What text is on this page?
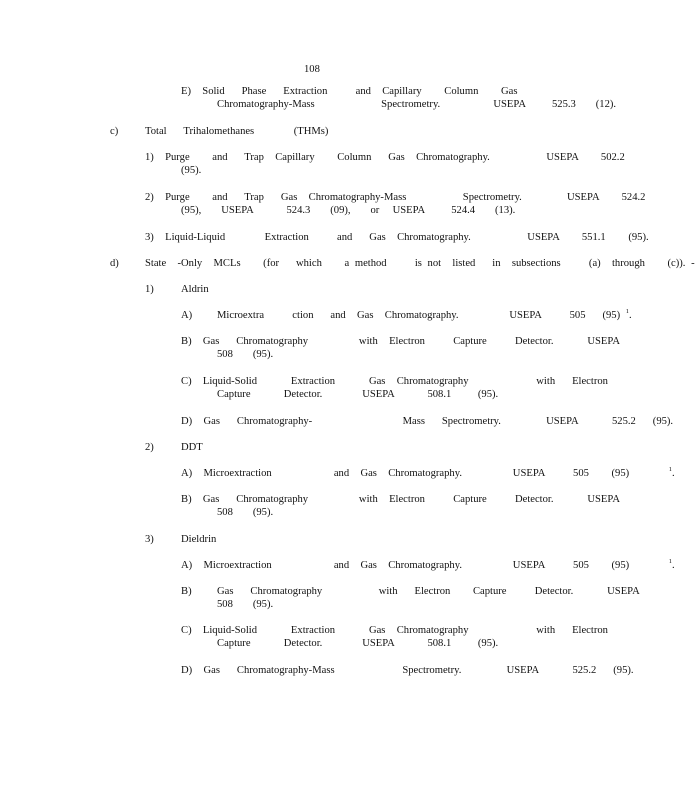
108
E)  Solid   Phase   Extraction     and  Capillary    Column    Gas
Chromatography-Mass          Spectrometry.        USEPA    525.3   (12).
c)	Total   Trihalomethanes       (THMs)
1)  Purge    and   Trap  Capillary    Column   Gas  Chromatography.          USEPA    502.2
(95).
2)  Purge    and   Trap   Gas  Chromatography-Mass          Spectrometry.        USEPA    524.2
(95),   USEPA     524.3   (09),   or  USEPA    524.4   (13).
3)  Liquid-Liquid       Extraction     and   Gas  Chromatography.          USEPA    551.1    (95).
d) State  -Only  MCLs    (for   which    a method     is not  listed   in  subsections     (a)  through    (c)). -
1)	Aldrin
A) Microextra     ction   and  Gas  Chromatography.         USEPA     505   (95) $^1$.
B)  Gas   Chromatography         with  Electron     Capture     Detector.      USEPA
508   (95).
C)  Liquid-Solid      Extraction      Gas  Chromatography            with   Electron
Capture     Detector.      USEPA     508.1    (95).
D)  Gas   Chromatography-                Mass   Spectrometry.        USEPA      525.2   (95).
2)	DDT
A)  Microextraction           and  Gas  Chromatography.         USEPA     505    (95)	$^1$.
B)  Gas   Chromatography         with  Electron     Capture     Detector.      USEPA
508   (95).
3)	Dieldrin
A)  Microextraction           and  Gas  Chromatography.         USEPA     505    (95)	$^1$.
B) Gas   Chromatography          with   Electron    Capture     Detector.      USEPA
508   (95).
C)  Liquid-Solid      Extraction      Gas  Chromatography            with   Electron
Capture     Detector.      USEPA     508.1    (95).
D)  Gas   Chromatography-Mass            Spectrometry.        USEPA      525.2   (95).
